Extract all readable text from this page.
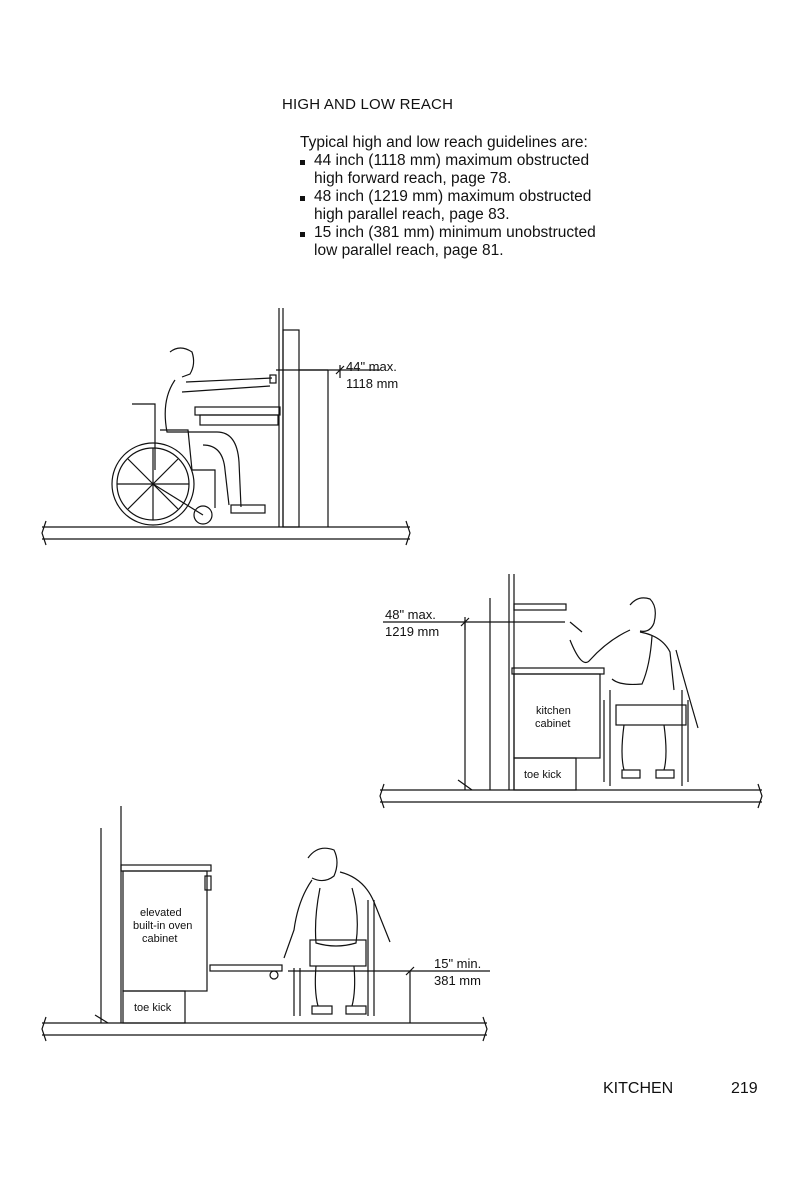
HIGH AND LOW REACH
Typical high and low reach guidelines are:
44 inch (1118 mm) maximum obstructed
high forward reach, page 78.
48 inch (1219 mm) maximum obstructed
high parallel reach, page 83.
15 inch (381 mm) minimum unobstructed
low parallel reach, page 81.
44" max.
1118 mm
48" max.
1219 mm
kitchen
cabinet
toe kick
15" min.
381 mm
elevated
built-in oven
cabinet
toe kick
KITCHEN	219
